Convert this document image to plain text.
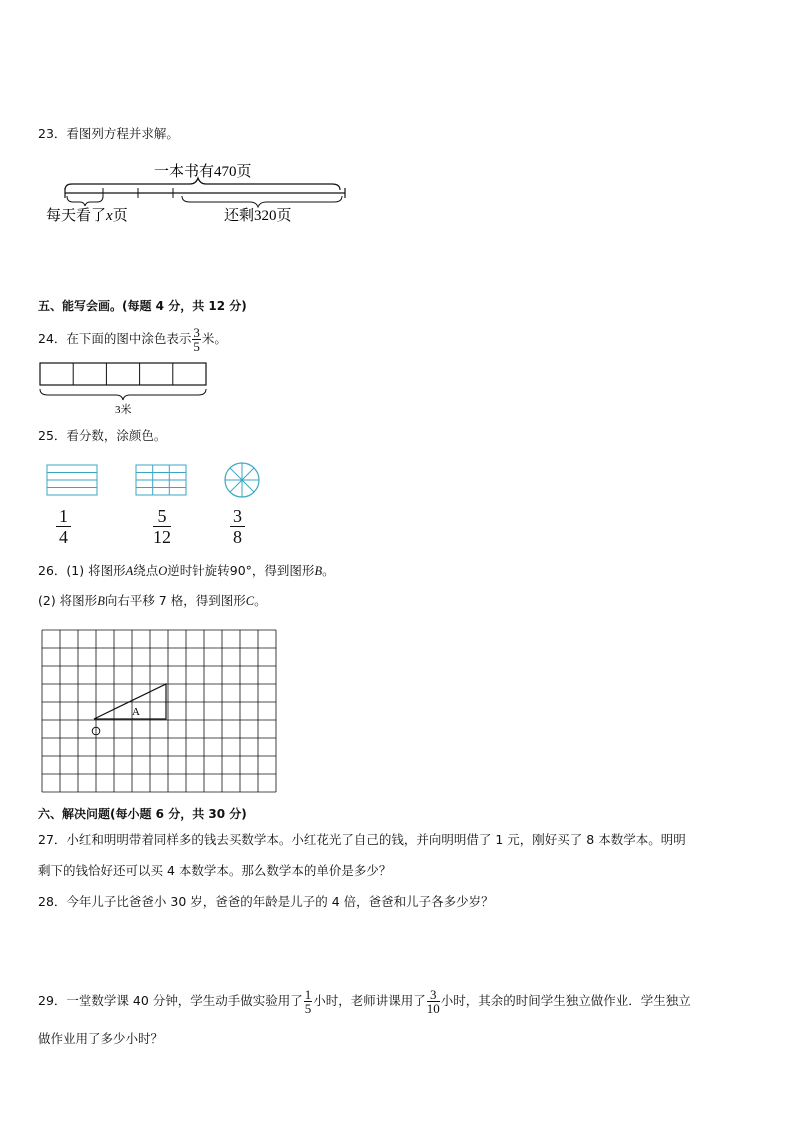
23．看图列方程并求解。
一本书有470页
每天看了x页	还剩320页
五、能写会画。(每题 4 分，共 12 分)
24．在下面的图中涂色表示 $\frac{3}{5}$ 米。
3米
25．看分数，涂颜色。
$\frac{1}{4}$	$\frac{5}{12}$	$\frac{3}{8}$
26．(1) 将图形A绕点O逆时针旋转90°，得到图形B。
(2) 将图形B向右平移 7 格，得到图形C。
A
六、解决问题(每小题 6 分，共 30 分)
27．小红和明明带着同样多的钱去买数学本。小红花光了自己的钱，并向明明借了 1 元，刚好买了 8 本数学本。明明
剩下的钱恰好还可以买 4 本数学本。那么数学本的单价是多少？
28．今年儿子比爸爸小 30 岁，爸爸的年龄是儿子的 4 倍，爸爸和儿子各多少岁？
29．一堂数学课 40 分钟，学生动手做实验用了 $\frac{1}{5}$ 小时，老师讲课用了 $\frac{3}{10}$ 小时，其余的时间学生独立做作业．学生独立
做作业用了多少小时？
